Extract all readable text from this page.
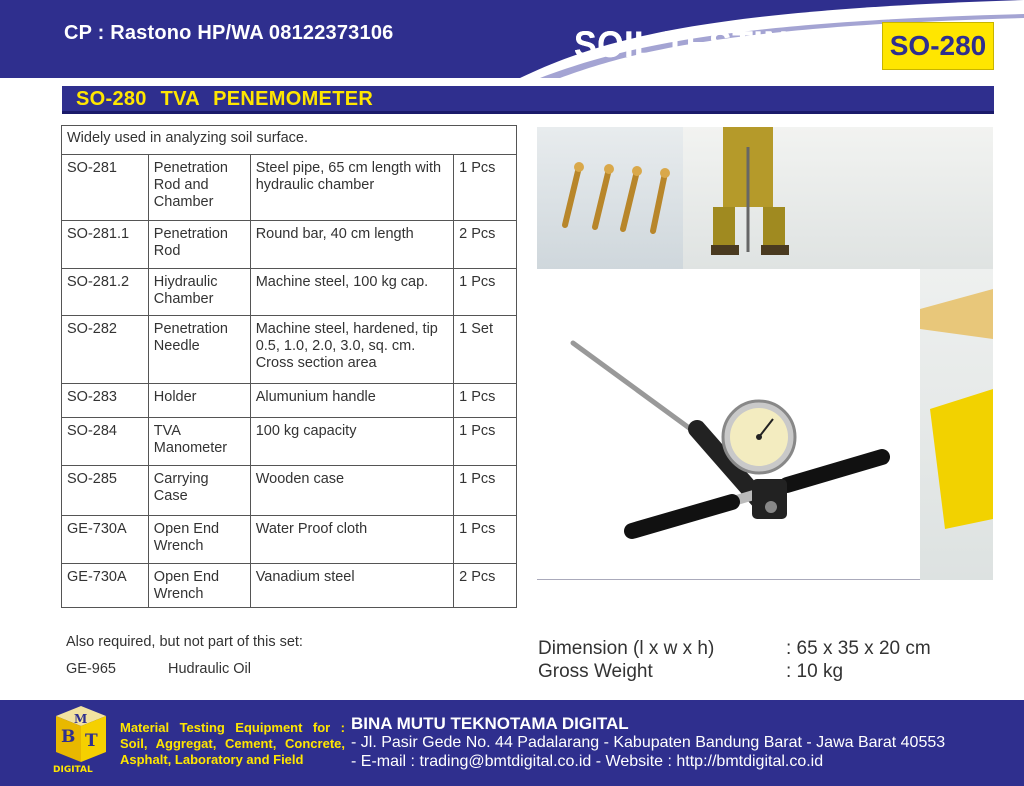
CP : Rastono HP/WA 08122373106	SOIL TESTING	SO-280
SO-280 TVA PENEMOMETER
Widely used in analyzing soil surface.			
SO-281	Penetration Rod and Chamber	Steel pipe, 65 cm length with hydraulic chamber	1 Pcs
SO-281.1	Penetration Rod	Round bar, 40 cm length	2 Pcs
SO-281.2	Hiydraulic Chamber	Machine steel, 100 kg cap.	1 Pcs
SO-282	Penetration Needle	Machine steel, hardened, tip 0.5, 1.0, 2.0, 3.0, sq. cm. Cross section area	1 Set
SO-283	Holder	Alumunium handle	1 Pcs
SO-284	TVA Manometer	100 kg capacity	1 Pcs
SO-285	Carrying Case	Wooden case	1 Pcs
GE-730A	Open End Wrench	Water Proof cloth	1 Pcs
GE-730A	Open End Wrench	Vanadium steel	2 Pcs
Also required, but not part of this set:
GE-965	Hudraulic Oil
Dimension (l x w x h)	: 65 x 35 x 20 cm
Gross Weight	: 10 kg
B
M
T
DIGITAL
Material Testing Equipment for :
Soil, Aggregat, Cement, Concrete,
Asphalt, Laboratory and Field
BINA MUTU TEKNOTAMA DIGITAL
- Jl. Pasir Gede No. 44 Padalarang - Kabupaten Bandung Barat - Jawa Barat 40553
- E-mail : trading@bmtdigital.co.id - Website : http://bmtdigital.co.id
